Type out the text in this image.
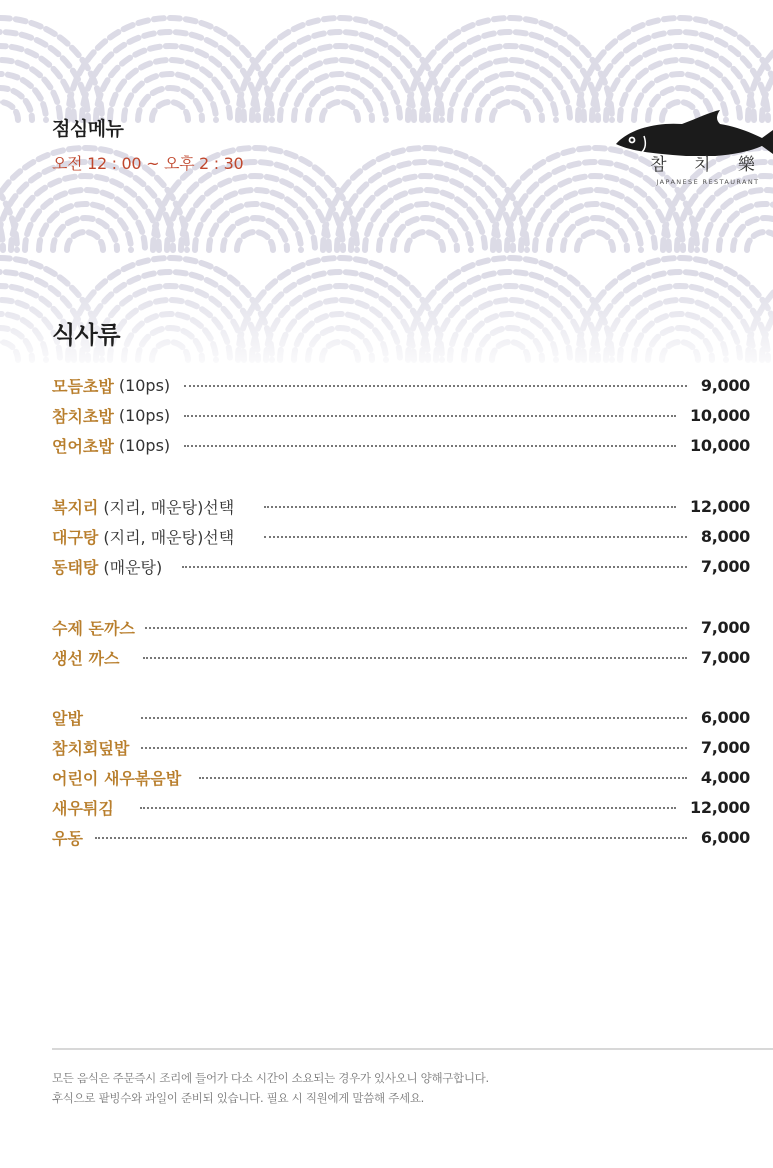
점심메뉴
오전 12 : 00 ~ 오후 2 : 30	참 치 樂
JAPANESE RESTAURANT
식사류
모듬초밥 (10ps)	9,000
참치초밥 (10ps)	10,000
연어초밥 (10ps)	10,000
복지리 (지리, 매운탕)선택	12,000
대구탕 (지리, 매운탕)선택	8,000
동태탕 (매운탕)	7,000
수제 돈까스	7,000
생선 까스	7,000
알밥	6,000
참치회덮밥	7,000
어린이 새우볶음밥	4,000
새우튀김	12,000
우동	6,000
모든 음식은 주문즉시 조리에 들어가 다소 시간이 소요되는 경우가 있사오니 양해구합니다.
후식으로 팥빙수와 과일이 준비되 있습니다. 필요 시 직원에게 말씀해 주세요.
